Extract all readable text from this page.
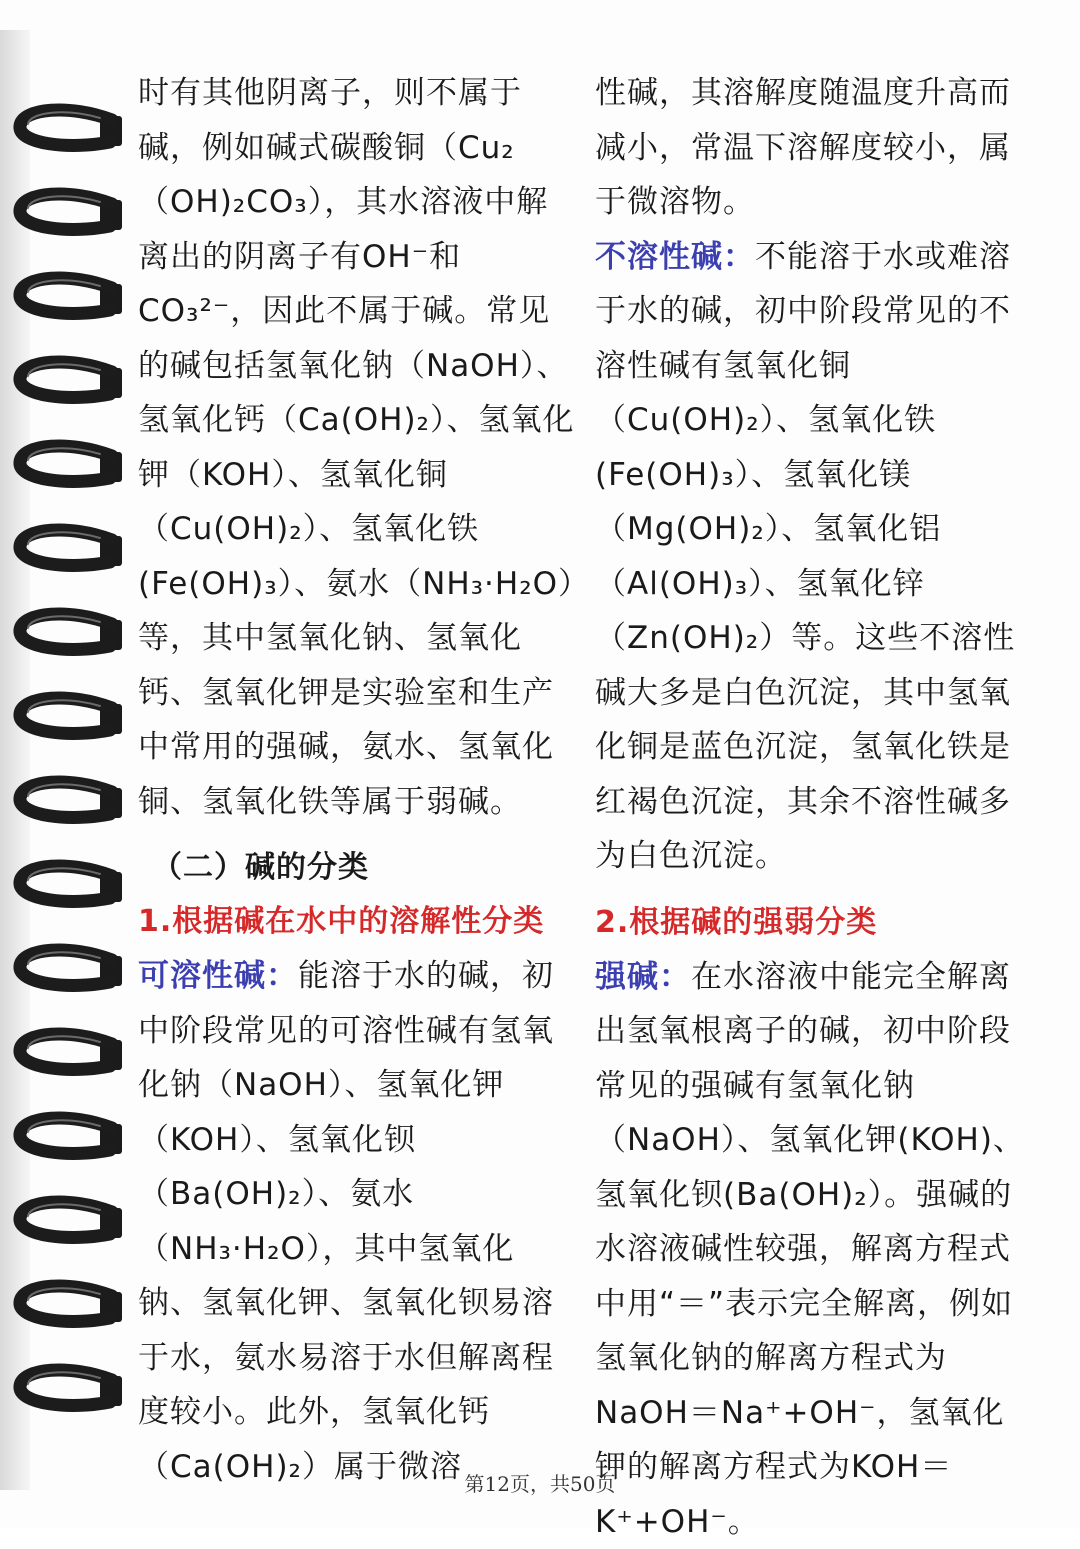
时有其他阴离子，则不属于碱，例如碱式碳酸铜（Cu₂（OH)₂CO₃），其水溶液中解离出的阴离子有OH⁻和CO₃²⁻，因此不属于碱。常见的碱包括氢氧化钠（NaOH）、氢氧化钙（Ca(OH)₂）、氢氧化钾（KOH）、氢氧化铜（Cu(OH)₂）、氢氧化铁(Fe(OH)₃）、氨水（NH₃·H₂O）等，其中氢氧化钠、氢氧化钙、氢氧化钾是实验室和生产中常用的强碱，氨水、氢氧化铜、氢氧化铁等属于弱碱。

（二）碱的分类

1.根据碱在水中的溶解性分类

可溶性碱：能溶于水的碱，初中阶段常见的可溶性碱有氢氧化钠（NaOH）、氢氧化钾（KOH）、氢氧化钡（Ba(OH)₂）、氨水（NH₃·H₂O），其中氢氧化钠、氢氧化钾、氢氧化钡易溶于水，氨水易溶于水但解离程度较小。此外，氢氧化钙（Ca(OH)₂）属于微溶

性碱，其溶解度随温度升高而减小，常温下溶解度较小，属于微溶物。

不溶性碱：不能溶于水或难溶于水的碱，初中阶段常见的不溶性碱有氢氧化铜（Cu(OH)₂）、氢氧化铁(Fe(OH)₃）、氢氧化镁（Mg(OH)₂）、氢氧化铝（Al(OH)₃）、氢氧化锌（Zn(OH)₂）等。这些不溶性碱大多是白色沉淀，其中氢氧化铜是蓝色沉淀，氢氧化铁是红褐色沉淀，其余不溶性碱多为白色沉淀。

2.根据碱的强弱分类

强碱：在水溶液中能完全解离出氢氧根离子的碱，初中阶段常见的强碱有氢氧化钠（NaOH）、氢氧化钾(KOH)、氢氧化钡(Ba(OH)₂）。强碱的水溶液碱性较强，解离方程式中用“＝”表示完全解离，例如氢氧化钠的解离方程式为NaOH＝Na⁺+OH⁻，氢氧化钾的解离方程式为KOH＝K⁺+OH⁻。

第12页，共50页
